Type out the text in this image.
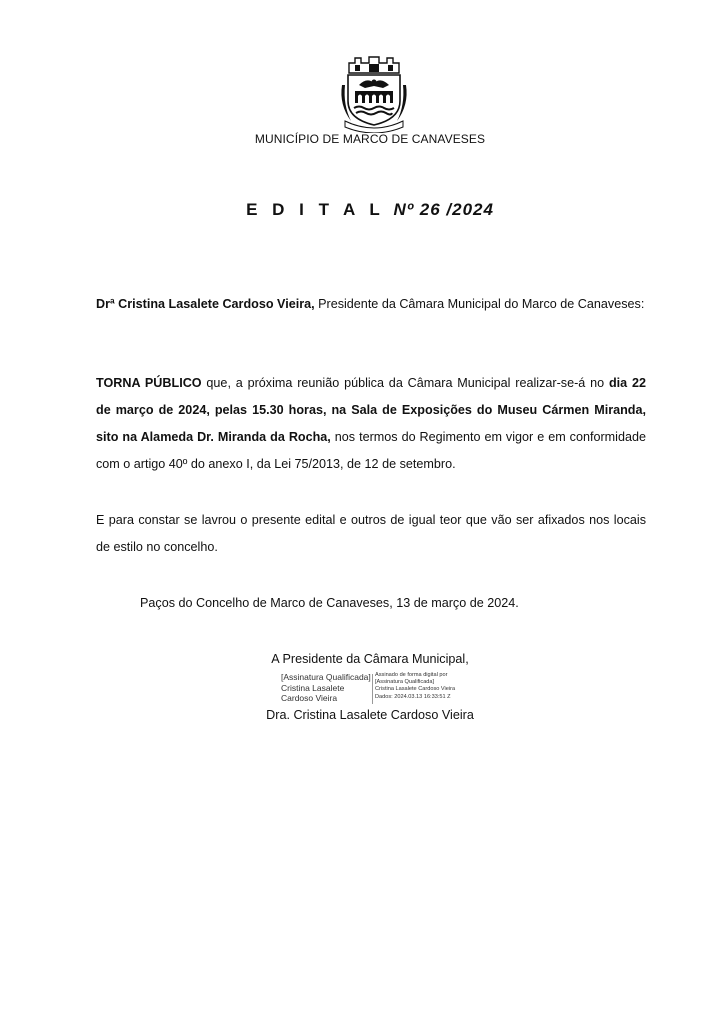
MUNICÍPIO DE MARCO DE CANAVESES
E D I T A L Nº 26 /2024
Drª Cristina Lasalete Cardoso Vieira, Presidente da Câmara Municipal do Marco de Canaveses:
TORNA PÚBLICO que, a próxima reunião pública da Câmara Municipal realizar-se-á no dia 22 de março de 2024, pelas 15.30 horas, na Sala de Exposições do Museu Cármen Miranda, sito na Alameda Dr. Miranda da Rocha, nos termos do Regimento em vigor e em conformidade com o artigo 40º do anexo I, da Lei 75/2013, de 12 de setembro.
E para constar se lavrou o presente edital e outros de igual teor que vão ser afixados nos locais de estilo no concelho.
Paços do Concelho de Marco de Canaveses, 13 de março de 2024.
A Presidente da Câmara Municipal,
[Assinatura Qualificada]
Cristina Lasalete
Cardoso Vieira
Assinado de forma digital por
[Assinatura Qualificada]
Cristina Lasalete Cardoso Vieira
Dados: 2024.03.13 16:33:51 Z
Dra. Cristina Lasalete Cardoso Vieira
